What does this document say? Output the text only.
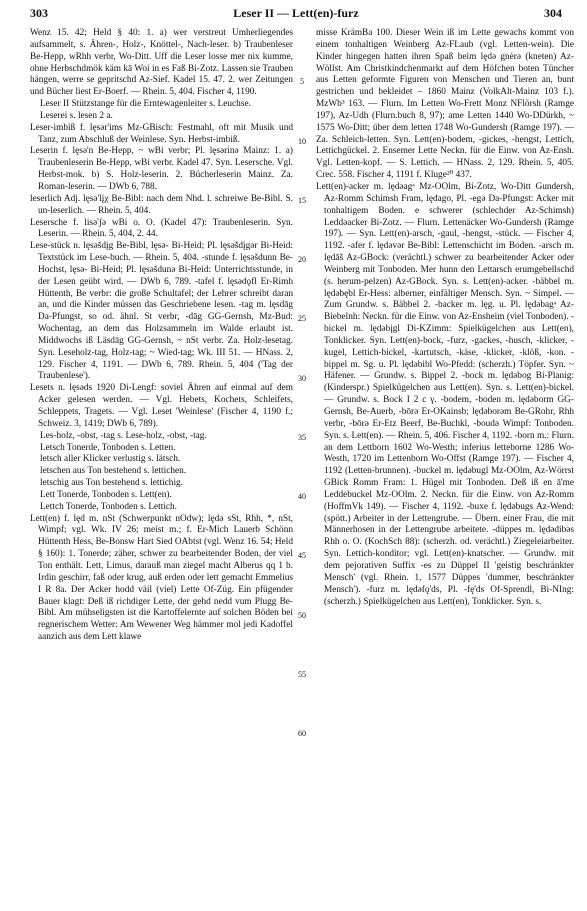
303	Leser II — Lett(en)-furz	304

Wenz 15. 42; Held § 40: 1. a) wer verstreut Umherliegendes aufsammelt, s. Ähren-, Holz-, Knöttel-, Nach-leser. b) Traubenleser Be-Hepp, wRhh verbr, Wo-Ditt. Uff die Leser losse mer nix kumme, ohne Herbschdmök käm kā Woi in es Faß Bi-Zotz. Lassen sie Trauben hängen, werre se gepritschd Az-Sief. Kadel 15. 47. 2. wer Zeitungen und Bücher liest Er-Boerf. — Rhein. 5, 404. Fischer 4, 1190.

Leser II Stützstange für die Erntewagenleiter s. Leuchse.

Leserei s. lesen 2 a.

Leser-imbiß f. lęsər'ims Mz-GBisch: Festmahl, oft mit Musik und Tanz, zum Abschluß der Weinlese. Syn. Herbst-imbiß.

Leserin f. lęsə'n Be-Hepp, ~ wBi verbr; Pl. lęsərinə Mainz: 1. a) Traubenleserin Be-Hepp, wBi verbr. Kadel 47. Syn. Lesersche. Vgl. Herbst-mok. b) S. Holz-leserin. 2. Bücherleserin Mainz. Za. Roman-leserin. — DWb 6, 788.

leserlich Adj. lęsə'lįχ Be-Bibl: nach dem Nhd. l. schreiwe Be-Bibl. S. un-leserlich. — Rhein. 5, 404.

Lesersche f. lisə'ʃə wBi o. O. (Kadel 47): Traubenleserin. Syn. Leserin. — Rhein. 5, 404, 2. 44.

Lese-stück n. lęsəšdįg Be-Bibl, lęsə- Bi-Heid; Pl. lęsəšdįgər Bi-Heid: Textstück im Lese-buch. — Rhein. 5, 404. -stunde f. lęsəšdunn Be-Hochst, lęsə- Bi-Heid; Pl. lęsəšdunə Bi-Heid: Unterrichtsstunde, in der Lesen geübt wird. — DWb 6, 789. -tafel f. lęsədǫfl Er-Rimh Hüttenth, Be verbr: die große Schultafel; der Lehrer schreibt daran an, und die Kinder müssen das Geschriebene lesen. -tag m. lęsdāg Da-Pfungst, so od. ähnl. St verbr, -dāg GG-Gernsh, Mz-Bud: Wochentag, an dem das Holzsammeln im Walde erlaubt ist. Middwochs iß Läsdāg GG-Gernsh, ~ nSt verbr. Za. Holz-lesetag. Syn. Leseholz-tag, Holz-tag; ~ Wied-tag; Wk. III 51. — HNass. 2, 129. Fischer 4, 1191. — DWb 6, 789. Rhein. 5, 404 ('Tag der Traubenlese').

Lesets n. lęsəds 1920 Di-Lengf: soviel Ähren auf einmal auf dem Acker gelesen werden. — Vgl. Hebets, Kochets, Schleifets, Schleppets, Tragets. — Vgl. Leset 'Weinlese' (Fischer 4, 1190 f.; Schweiz. 3, 1419; DWb 6, 789).

Les-holz, -obst, -tag s. Lese-holz, -obst, -tag.

Letsch Tonerde, Tonboden s. Letten.

letsch aller Klicker verlustig s. lätsch.

letschen aus Ton bestehend s. lettichen.

letschig aus Ton bestehend s. lettichig.

Lett Tonerde, Tonboden s. Lett(en).

Lettch Tonerde, Tonboden s. Lettich.

Lett(en) f. lęd m. nSt (Schwerpunkt nOdw); lędə sSt, Rhh, *, nSt, Wimpf; vgl. Wk. IV 26; meist m.; f. Er-Mich Lauerb Schönn Hüttenth Hess, Be-Bonsw Hart Sied OAbtst (vgl. Wenz 16. 54; Held § 160): 1. Tonerde; zäher, schwer zu bearbeitender Boden, der viel Ton enthält. Lett, Limus, darauß man ziegel macht Alberus qq 1 b. Irdin geschirr, faß oder krug, auß erden oder lett gemacht Emmelius I R 8a. Der Acker hodd väil (viel) Lette Of-Züg. Ein pfügender Bauer klagt: Deß iß richdiger Lette, der gehd nedd vum Plugg Be-Bibl. Am mühseligsten ist die Kartoffelernte auf solchen Böden bei regnerischem Wetter: Am Wewener Weg hämmer mol jedi Kadoffel aanzich aus dem Lett klawe

5
10
15
20
25
30
35
40
45
50
55
60

misse KrämBa 100. Dieser Wein iß im Lette gewachs kommt von einem tonhaltigen Weinberg Az-FLaub (vgl. Letten-wein). Die Kinder hingegen hatten ihren Spaß beim lędə gnėrə (kneten) Az-Wöllst. Am Christkindchenmarkt auf dem Höfchen boten Tüncher aus Letten geformte Figuren von Menschen und Tieren an, bunt gestrichen und bekleidet – 1860 Mainz (VolkAlt-Mainz 103 f.). MzWb³ 163. — Flurn. Im Letten Wo-Frett Monz NFlörsh (Ramge 197), Az-Udh (Flurn.buch 8, 97); ame Letten 1440 Wo-DDürkh, ~ 1575 Wo-Ditt; über dem letten 1748 Wo-Gundersh (Ramge 197). — Za. Schleich-letten. Syn. Lett(en)-bodem, -gickes, -hengst, Lettich, Lettichgückel. 2. Ensemer Lette Neckn. für die Einw. von Az-Ensh. Vgl. Letten-kopf. — S. Lettich. — HNass. 2, 129. Rhein. 5, 405. Crec. 558. Fischer 4, 1191 f. Kluge²⁰ 437.

Lett(en)-acker m. lędəagᵊ Mz-OOlm, Bi-Zotz, Wo-Ditt Gundersh, Az-Romm Schimsh Fram, lędago, Pl. -egə Da-Pfungst: Acker mit tonhaltigem Boden. e schwerer (schlechder Az-Schimsh) Leddəacker Bi-Zotz. — Flurn. Lettenäcker Wo-Gundersh (Ramge 197). — Syn. Lett(en)-arsch, -gaul, -hengst, -stück. — Fischer 4, 1192. -afer f. lędəvər Be-Bibl: Lettenschicht im Boden. -arsch m. lędāš Az-GBock: (verächtl.) schwer zu bearbeitender Acker oder Weinberg mit Tonboden. Mer hunn den Lettarsch erumgebellschd (s. herum-pelzen) Az-GBock. Syn. s. Lett(en)-acker. -bäbbel m. lędəbębl Er-Hess: alberner, einfältiger Mensch. Syn. ~ Simpel. — Zum Grundw. s. Bäbbel 2. -backer m. lęg. u. Pl. lędəbagᵊ Az-Biebelnh: Neckn. für die Einw. von Az-Ensheim (viel Tonboden). -bickel m. lędəbįgl Di-KZimm: Spielkügelchen aus Lett(en), Tonklicker. Syn. Lett(en)-bock, -furz, -gackes, -husch, -klicker, -kugel, Lettich-bickel, -kartutsch, -käse, -klicker, -klöß, -kon. -bippel m. Sg. u. Pl. lędəbibl Wo-Pfedd: (scherzh.) Töpfer. Syn. ~ Häfener. — Grundw. s. Bippel 2. -bock m. lędəbog Bi-Planig: (Kinderspr.) Spielkügelchen aus Lett(en). Syn. s. Lett(en)-bickel. — Grundw. s. Bock I 2 c γ. -bodem, -boden m. lędəborm GG-Gernsh, Be-Auerb, -bōrə Er-OKainsb; lędəborəm Be-GRohr, Rhh verbr, -bōrə Er-Etz Beerf, Be-Buchkl, -boudə Wimpf: Tonboden. Syn. s. Lett(en). — Rhein. 5, 406. Fischer 4, 1192. -born m.: Flurn. an dem Lettborn 1602 Wo-Westh; inferius letteborne 1286 Wo-Westh, 1720 im Lettenborn Wo-Offst (Ramge 197). — Fischer 4, 1192 (Letten-brunnen). -buckel m. lędəbugl Mz-OOlm, Az-Wörrst GBick Romm Fram: 1. Hügel mit Tonboden. Deß iß en ā'me Leddebuckel Mz-OOlm. 2. Neckn. für die Einw. von Az-Romm (HoffmVk 149). — Fischer 4, 1192. -buxe f. lędəbugs Az-Wend: (spött.) Arbeiter in der Lettengrube. — Übern. einer Frau, die mit Männerhosen in der Lettengrube arbeitete. -düppes m. lędədibəs Rhh o. O. (KochSch 88): (scherzh. od. verächtl.) Ziegeleiarbeiter. Syn. Lettich-konditor; vgl. Lett(en)-knatscher. — Grundw. mit dem pejorativen Suffix -es zu Düppel II 'geistig beschränkter Mensch' (vgl. Rhein. 1, 1577 Düppes 'dummer, beschränkter Mensch'). -furz m. lędəfǫ'ds, Pl. -fę'ds Of-Sprendl, Bi-NIng: (scherzh.) Spielkügelchen aus Lett(en), Tonklicker. Syn. s.
